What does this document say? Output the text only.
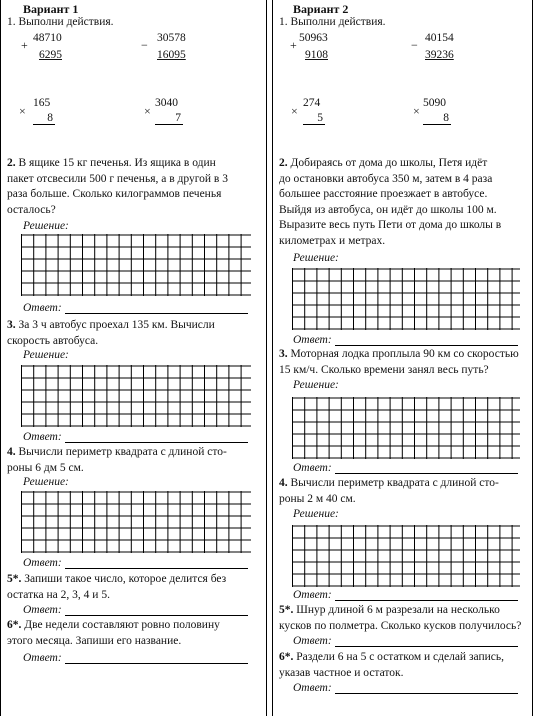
Вариант 1
1. Выполни действия.
+ 48710
6295
− 30578
16095
×
165
8	×
3040
7
2. В ящике 15 кг печенья. Из ящика в один
пакет отсвесили 500 г печенья, а в другой в 3
раза больше. Сколько килограммов печенья
осталось?
Решение:
Ответ:
3. За 3 ч автобус проехал 135 км. Вычисли
скорость автобуса.
Решение:
Ответ:
4. Вычисли периметр квадрата с длиной сто-
роны 6 дм 5 см.
Решение:
Ответ:
5*. Запиши такое число, которое делится без
остатка на 2, 3, 4 и 5.
Ответ:
6*. Две недели составляют ровно половину
этого месяца. Запиши его название.
Ответ:
Вариант 2
1. Выполни действия.
+ 50963
9108
− 40154
39236
×
274
5	×
5090
8
2. Добираясь от дома до школы, Петя идёт
до остановки автобуса 350 м, затем в 4 раза
большее расстояние проезжает в автобусе.
Выйдя из автобуса, он идёт до школы 100 м.
Выразите весь путь Пети от дома до школы в
километрах и метрах.
Решение:
Ответ:
3. Моторная лодка проплыла 90 км со скоростью
15 км/ч. Сколько времени занял весь путь?
Решение:
Ответ:
4. Вычисли периметр квадрата с длиной сто-
роны 2 м 40 см.
Решение:
Ответ:
5*. Шнур длиной 6 м разрезали на несколько
кусков по полметра. Сколько кусков получилось?
Ответ:
6*. Раздели 6 на 5 с остатком и сделай запись,
указав частное и остаток.
Ответ:
